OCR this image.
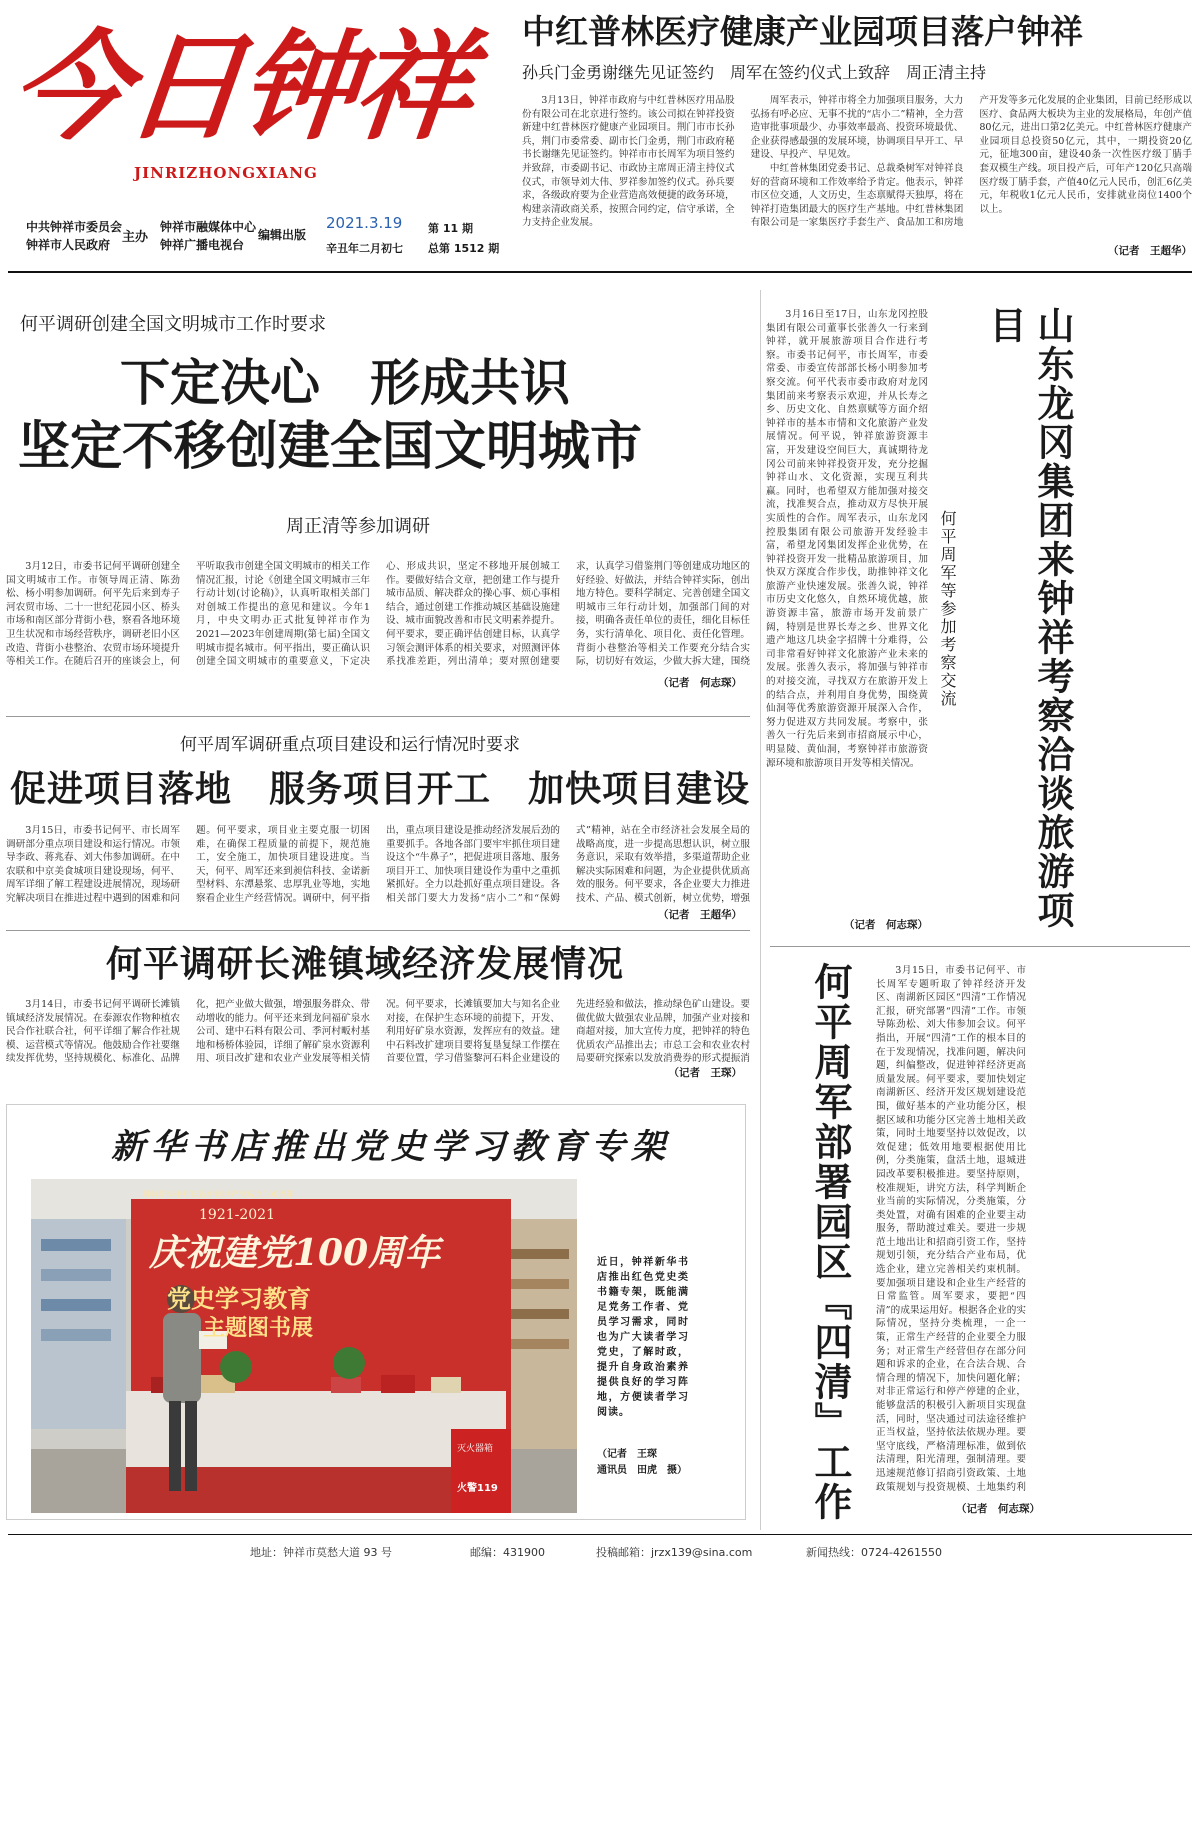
今日钟祥
JINRIZHONGXIANG
中共钟祥市委员会
钟祥市人民政府 主办
钟祥市融媒体中心
钟祥广播电视台
编辑出版
2021.3.19
辛丑年二月初七
第 11 期
总第 1512 期
中红普林医疗健康产业园项目落户钟祥
孙兵门金勇谢继先见证签约　周军在签约仪式上致辞　周正清主持

3月13日，钟祥市政府与中红普林医疗用品股份有限公司在北京进行签约。该公司拟在钟祥投资新建中红普林医疗健康产业园项目。荆门市市长孙兵，荆门市委常委、副市长门金勇，荆门市政府秘书长谢继先见证签约。钟祥市市长周军为项目签约并致辞，市委副书记、市政协主席周正清主持仪式仪式，市领导刘大伟、罗祥参加签约仪式。孙兵要求，各级政府要为企业营造高效便捷的政务环境，构建亲清政商关系，按照合同约定，信守承诺，全力支持企业发展。

周军表示，钟祥市将全力加强项目服务，大力弘扬有呼必应、无事不扰的“店小二”精神，全力营造审批事项最少、办事效率最高、投资环境最优、企业获得感最强的发展环境，协调项目早开工、早建设、早投产、早见效。

中红普林集团党委书记、总裁桑树军对钟祥良好的营商环境和工作效率给予肯定。他表示，钟祥市区位交通，人文历史，生态禀赋得天独厚，将在钟祥打造集团最大的医疗生产基地。中红普林集团有限公司是一家集医疗手套生产、食品加工和房地产开发等多元化发展的企业集团，目前已经形成以医疗、食品两大板块为主业的发展格局，年创产值80亿元，进出口第2亿美元。中红普林医疗健康产业园项目总投资50亿元，其中，一期投资20亿元，征地300亩，建设40条一次性医疗级丁腈手套双模生产线。项目投产后，可年产120亿只高端医疗级丁腈手套，产值40亿元人民币，创汇6亿美元，年税收1亿元人民币，安排就业岗位1400个以上。

（记者　王超华）
何平调研创建全国文明城市工作时要求
下定决心　形成共识
坚定不移创建全国文明城市
周正清等参加调研
3月12日，市委书记何平调研创建全国文明城市工作。市领导周正清、陈劲松、杨小明参加调研。何平先后来到寿子河农贸市场、二十一世纪花园小区、桥头市场和南区部分背街小巷，察看各地环境卫生状况和市场经营秩序，调研老旧小区改造、背街小巷整治、农贸市场环境提升等相关工作。在随后召开的座谈会上，何平听取我市创建全国文明城市的相关工作情况汇报，讨论《创建全国文明城市三年行动计划(讨论稿)》，认真听取相关部门对创城工作提出的意见和建议。今年1月，中央文明办正式批复钟祥市作为2021—2023年创建周期(第七届)全国文明城市提名城市。何平指出，要正确认识创建全国文明城市的重要意义，下定决心、形成共识，坚定不移地开展创城工作。要做好结合文章，把创建工作与提升城市品质、解决群众的操心事、烦心事相结合，通过创建工作推动城区基础设施建设、城市面貌改善和市民文明素养提升。何平要求，要正确评估创建目标，认真学习领会测评体系的相关要求，对照测评体系找准差距，列出清单；要对照创建要求，认真学习借鉴荆门等创建成功地区的好经验、好做法，并结合钟祥实际，创出地方特色。要科学制定、完善创建全国文明城市三年行动计划，加强部门间的对接，明确各责任单位的责任，细化目标任务，实行清单化、项目化、责任化管理。背街小巷整治等相关工作要充分结合实际，切切好有效运，少做大拆大建，围绕
（记者　何志琛）
何平周军调研重点项目建设和运行情况时要求
促进项目落地　服务项目开工　加快项目建设
3月15日，市委书记何平、市长周军调研部分重点项目建设和运行情况。市领导李政、蒋兆春、刘大伟参加调研。在中农联和中京美食城项目建设现场，何平、周军详细了解工程建设进展情况，现场研究解决项目在推进过程中遇到的困难和问题。何平要求，项目业主要克服一切困难，在确保工程质量的前提下，规范施工，安全施工，加快项目建设进度。当天，何平、周军还来到昶信科技、金诺新型材料、东潭悬浆、忠厚乳业等地，实地察看企业生产经营情况。调研中，何平指出，重点项目建设是推动经济发展后劲的重要抓手。各地各部门要牢牢抓住项目建设这个“牛鼻子”，把促进项目落地、服务项目开工、加快项目建设作为重中之重抓紧抓好。全力以赴抓好重点项目建设。各相关部门要大力发扬“店小二”和“保姆式”精神，站在全市经济社会发展全局的战略高度，进一步提高思想认识，树立服务意识，采取有效举措，多渠道帮助企业解决实际困难和问题，为企业提供优质高效的服务。何平要求，各企业要大力推进技术、产品、模式创新，树立优势，增强
（记者　王超华）
何平调研长滩镇域经济发展情况
3月14日，市委书记何平调研长滩镇镇域经济发展情况。在泰源农作物种植农民合作社联合社，何平详细了解合作社规模、运营模式等情况。他鼓励合作社要继续发挥优势，坚持规模化、标准化、品牌化，把产业做大做强，增强服务群众、带动增收的能力。何平还来到龙问福矿泉水公司、建中石料有限公司、季河村畈村基地和杨桥体验园，详细了解矿泉水资源利用、项目改扩建和农业产业发展等相关情况。何平要求，长滩镇要加大与知名企业对接，在保护生态环境的前提下，开发、利用好矿泉水资源，发挥应有的效益。建中石料改扩建项目要将复垦复绿工作摆在首要位置，学习借鉴黎河石料企业建设的先进经验和做法，推动绿色矿山建设。要做优做大做强农业品牌，加强产业对接和商超对接，加大宣传力度，把钟祥的特色优质农产品推出去；市总工会和农业农村局要研究探索以发放消费券的形式提振消
（记者　王琛）
新华书店推出党史学习教育专架
钟祥新华书店庆祝中国共产党成立100周年
1921-2021
庆祝建党100周年
党史学习教育
主题图书展
灭火器箱
火警119
近日，钟祥新华书店推出红色党史类书籍专架，既能满足党务工作者、党员学习需求，同时也为广大读者学习党史，了解时政，提升自身政治素养提供良好的学习阵地，方便读者学习阅读。
（记者　王琛
通讯员　田虎　摄）
3月16日至17日，山东龙冈控股集团有限公司董事长张善久一行来到钟祥，就开展旅游项目合作进行考察。市委书记何平，市长周军，市委常委、市委宣传部部长杨小明参加考察交流。何平代表市委市政府对龙冈集团前来考察表示欢迎，并从长寿之乡、历史文化、自然禀赋等方面介绍钟祥市的基本市情和文化旅游产业发展情况。何平说，钟祥旅游资源丰富，开发建设空间巨大，真诚期待龙冈公司前来钟祥投资开发，充分挖掘钟祥山水、文化资源，实现互利共赢。同时，也希望双方能加强对接交流，找准契合点，推动双方尽快开展实质性的合作。周军表示，山东龙冈控股集团有限公司旅游开发经验丰富，希望龙冈集团发挥企业优势，在钟祥投资开发一批精品旅游项目，加快双方深度合作步伐，助推钟祥文化旅游产业快速发展。张善久说，钟祥市历史文化悠久，自然环境优越，旅游资源丰富，旅游市场开发前景广阔，特别是世界长寿之乡、世界文化遗产地这几块金字招牌十分难得，公司非常看好钟祥文化旅游产业未来的发展。张善久表示，将加强与钟祥市的对接交流，寻找双方在旅游开发上的结合点，并利用自身优势，围绕黄仙洞等优秀旅游资源开展深入合作，努力促进双方共同发展。考察中，张善久一行先后来到市招商展示中心，明显陵、黄仙洞，考察钟祥市旅游资源环境和旅游项目开发等相关情况。
（记者　何志琛）
何平周军等参加考察交流	山东龙冈集团来钟祥考察洽谈旅游项目
何平周军部署园区『四清』工作	3月15日，市委书记何平、市长周军专题听取了钟祥经济开发区、南湖新区园区“四清”工作情况汇报，研究部署“四清”工作。市领导陈劲松、刘大伟参加会议。何平指出，开展“四清”工作的根本目的在于发现情况，找准问题，解决问题，纠偏整改，促进钟祥经济更高质量发展。何平要求，要加快划定南湖新区、经济开发区规划建设范围，做好基本的产业功能分区，根据区域和功能分区完善土地相关政策，同时土地要坚持以效促改，以效促建；低效用地要根据使用比例，分类施策，盘活土地，退城进园改革要积极推进。要坚持原则，校准规矩，讲究方法，科学判断企业当前的实际情况，分类施策，分类处置，对确有困难的企业要主动服务，帮助渡过难关。要进一步规范土地出让和招商引资工作，坚持规划引领，充分结合产业布局，优选企业，建立完善相关约束机制。要加强项目建设和企业生产经营的日常监管。周军要求，要把“四清”的成果运用好。根据各企业的实际情况，坚持分类梳理，一企一策，正常生产经营的企业要全力服务；对正常生产经营但存在部分问题和诉求的企业，在合法合规、合情合理的情况下，加快问题化解；对非正常运行和停产停建的企业，能够盘活的积极引入新项目实现盘活，同时，坚决通过司法途径维护正当权益，坚持依法依规办理。要坚守底线，严格清理标准，做到依法清理，阳光清理，强制清理。要迅速规范修订招商引资政策、土地政策规划与投资规模、土地集约利
（记者　何志琛）
地址：钟祥市莫愁大道 93 号	邮编：431900	投稿邮箱：jrzx139@sina.com	新闻热线：0724-4261550
